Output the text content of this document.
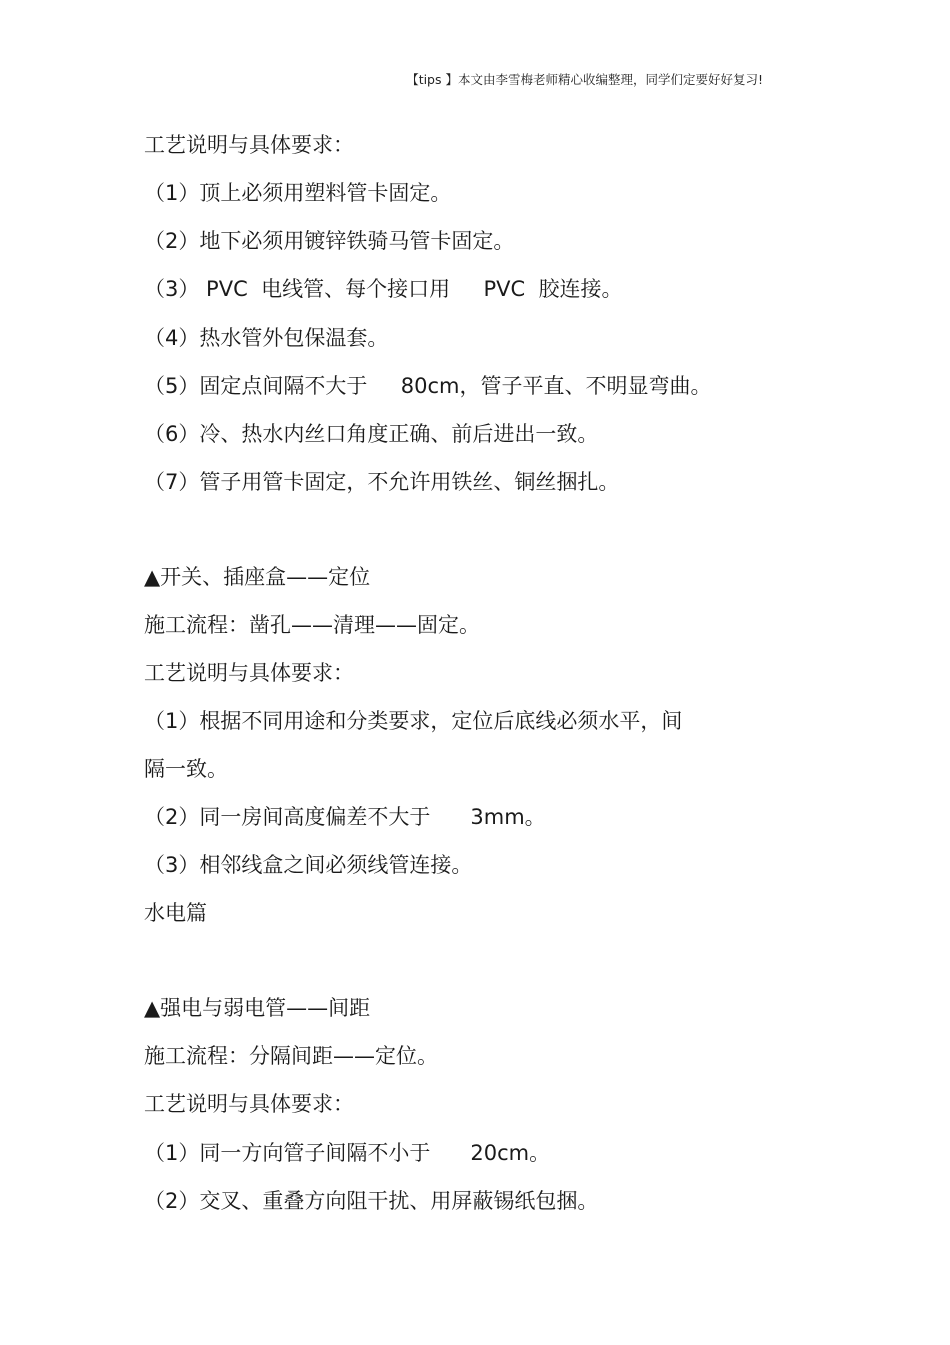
【tips 】本文由李雪梅老师精心收编整理，同学们定要好好复习!
工艺说明与具体要求：
（1）顶上必须用塑料管卡固定。
（2）地下必须用镀锌铁骑马管卡固定。
（3） PVC  电线管、每个接口用     PVC  胶连接。
（4）热水管外包保温套。
（5）固定点间隔不大于     80cm，管子平直、不明显弯曲。
（6）冷、热水内丝口角度正确、前后进出一致。
（7）管子用管卡固定，不允许用铁丝、铜丝捆扎。
▲开关、插座盒——定位
施工流程：凿孔——清理——固定。
工艺说明与具体要求：
（1）根据不同用途和分类要求，定位后底线必须水平，间
隔一致。
（2）同一房间高度偏差不大于      3mm。
（3）相邻线盒之间必须线管连接。
水电篇
▲强电与弱电管——间距
施工流程：分隔间距——定位。
工艺说明与具体要求：
（1）同一方向管子间隔不小于      20cm。
（2）交叉、重叠方向阻干扰、用屏蔽锡纸包捆。
